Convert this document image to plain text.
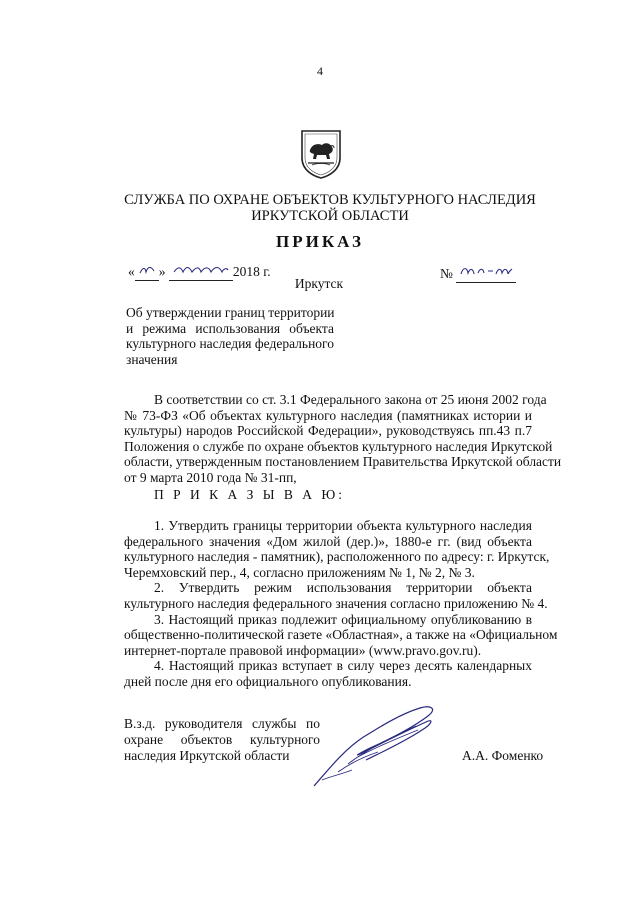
4
СЛУЖБА ПО ОХРАНЕ ОБЪЕКТОВ КУЛЬТУРНОГО НАСЛЕДИЯ
ИРКУТСКОЙ ОБЛАСТИ
ПРИКАЗ
« »	2018 г.
Иркутск
№
Об утверждении границ территории
и режима использования объекта
культурного наследия федерального
значения
В соответствии со ст. 3.1 Федерального закона от 25 июня 2002 года
№ 73-ФЗ «Об объектах культурного наследия (памятниках истории и
культуры) народов Российской Федерации», руководствуясь пп.43 п.7
Положения о службе по охране объектов культурного наследия Иркутской
области, утвержденным постановлением Правительства Иркутской области
от 9 марта 2010 года № 31-пп,
П Р И К А З Ы В А Ю:
1. Утвердить границы территории объекта культурного наследия
федерального значения «Дом жилой (дер.)», 1880-е гг. (вид объекта
культурного наследия - памятник), расположенного по адресу: г. Иркутск,
Черемховский пер., 4, согласно приложениям № 1, № 2, № 3.
2. Утвердить режим использования территории объекта
культурного наследия федерального значения согласно приложению № 4.
3. Настоящий приказ подлежит официальному опубликованию в
общественно-политической газете «Областная», а также на «Официальном
интернет-портале правовой информации» (www.pravo.gov.ru).
4. Настоящий приказ вступает в силу через десять календарных
дней после дня его официального опубликования.
В.з.д. руководителя службы по
охране объектов культурного
наследия Иркутской области	А.А. Фоменко
